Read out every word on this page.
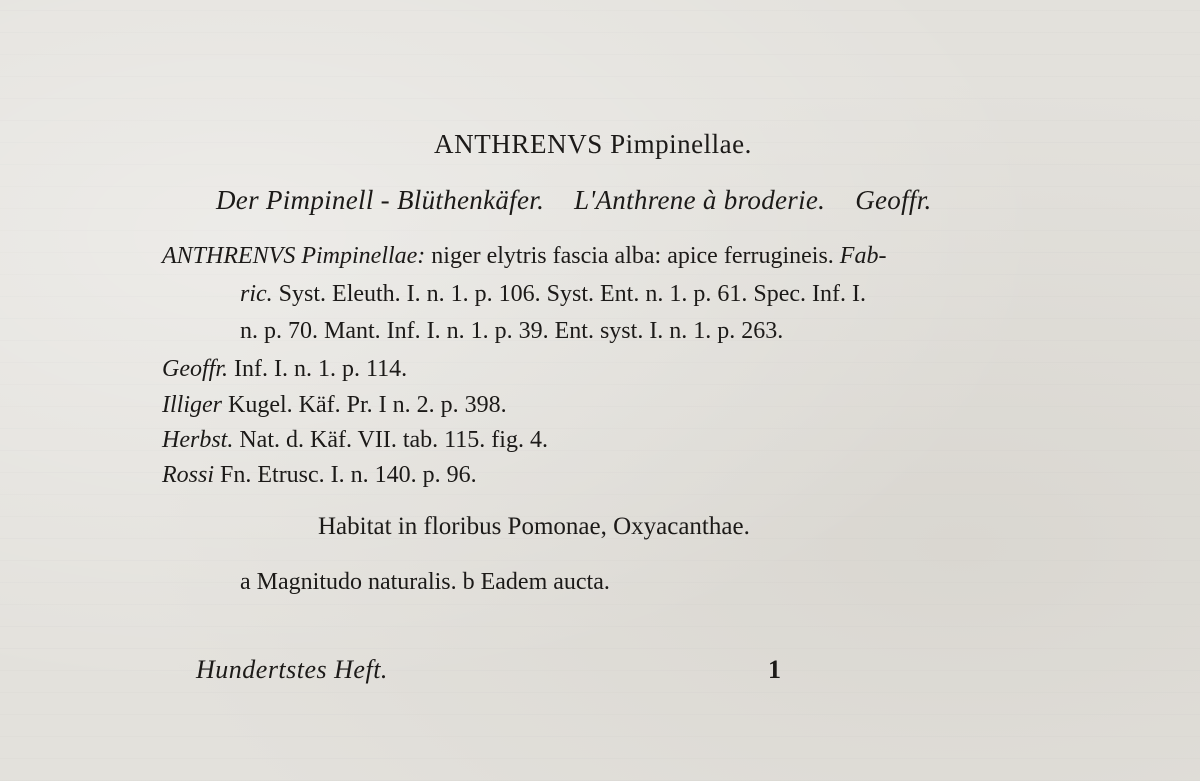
ANTHRENVS Pimpinellae.
Der Pimpinell - Blüthenkäfer. L'Anthrene à broderie. Geoffr.
ANTHRENVS Pimpinellae: niger elytris fascia alba: apice ferrugineis. Fab-
ric. Syst. Eleuth. I. n. 1. p. 106. Syst. Ent. n. 1. p. 61. Spec. Inf. I.
n. p. 70. Mant. Inf. I. n. 1. p. 39. Ent. syst. I. n. 1. p. 263.
Geoffr. Inf. I. n. 1. p. 114.
Illiger Kugel. Käf. Pr. I n. 2. p. 398.
Herbst. Nat. d. Käf. VII. tab. 115. fig. 4.
Rossi Fn. Etrusc. I. n. 140. p. 96.
Habitat in floribus Pomonae, Oxyacanthae.
a Magnitudo naturalis. b Eadem aucta.
Hundertstes Heft.	1
